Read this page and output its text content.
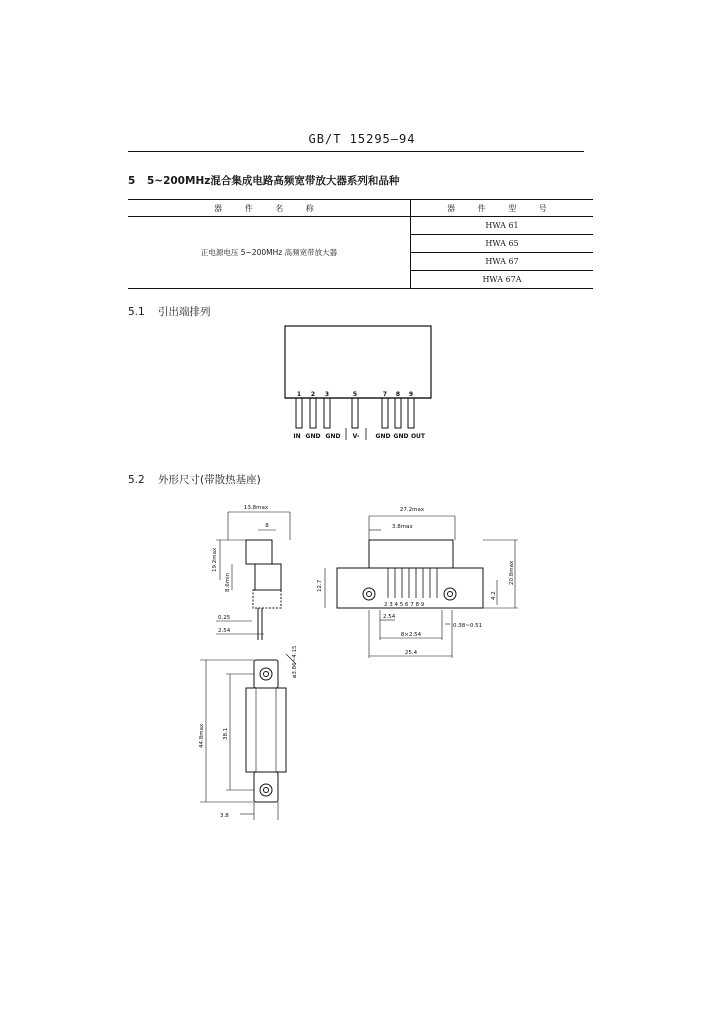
GB/T 15295—94
5 5~200MHz混合集成电路高频宽带放大器系列和品种
器 件 名 称	器 件 型 号
正电源电压 5~200MHz 高频宽带放大器	HWA 61
	HWA 65
	HWA 67
	HWA 67A
5.1 引出端排列
5.2 外形尺寸(带散热基座)
1 2 3	5	7 8 9
IN GND GND V-	GND GND OUT
13.8max
8
19.2max
8.6min
0.25
2.54
27.2max
3.8max
12.7
20.8max
4.2
2 3 4 5 6 7 8 9
2.54
0.38~0.51
8×2.54
25.4
ø3.86~4.15
44.8max	38.1
3.8
